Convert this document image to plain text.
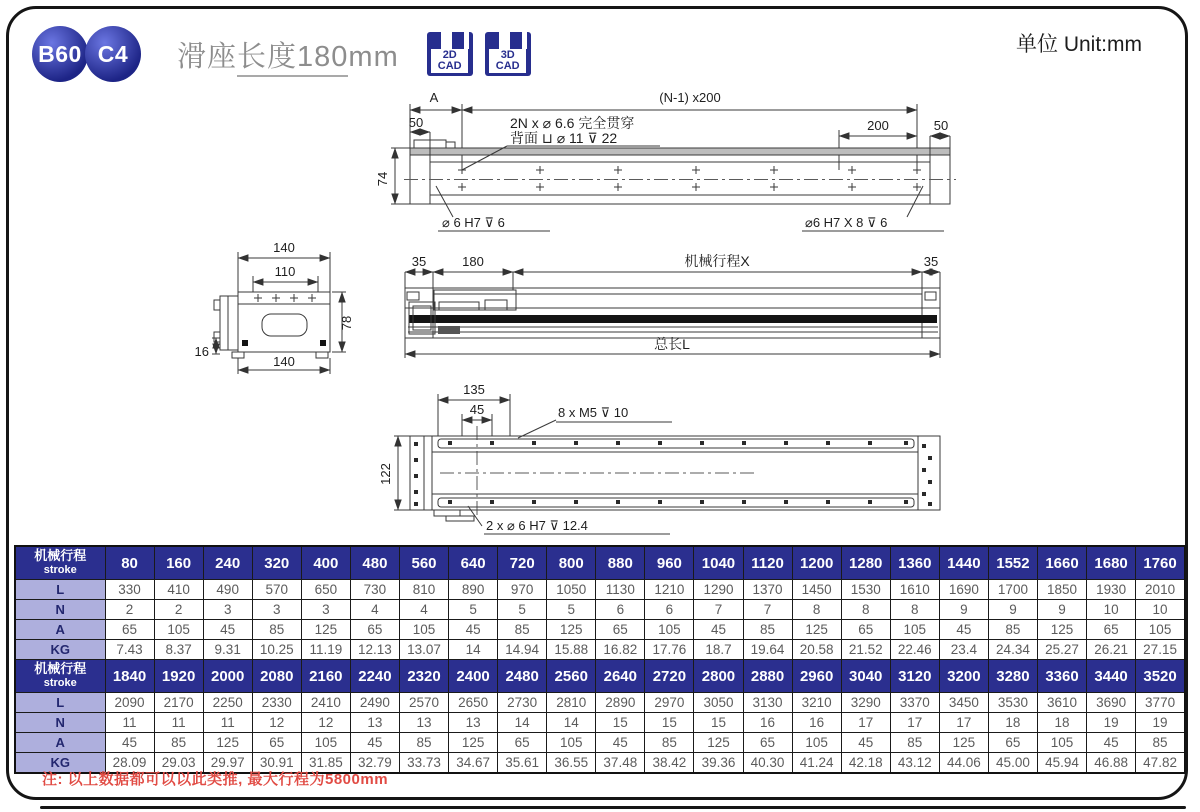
B60 C4	滑座长度180mm	2D
CAD
3D
CAD
单位 Unit:mm
A	(N-1) x200
50	200	50
74
2N x ⌀ 6.6 完全贯穿
背面 ⊔ ⌀ 11 ⊽ 22
⌀ 6 H7 ⊽ 6	⌀6 H7 X 8 ⊽ 6
140
110
78
16
140
35	180	机械行程X	35
总长L
135
45	8 x M5 ⊽ 10
122
2 x ⌀ 6 H7 ⊽ 12.4
机械行程
stroke	80	160	240	320	400	480	560	640	720	800	880	960	1040	1120	1200	1280	1360	1440	1552	1660	1680	1760
L	330	410	490	570	650	730	810	890	970	1050	1130	1210	1290	1370	1450	1530	1610	1690	1700	1850	1930	2010
N	2	2	3	3	3	4	4	5	5	5	6	6	7	7	8	8	8	9	9	9	10	10
A	65	105	45	85	125	65	105	45	85	125	65	105	45	85	125	65	105	45	85	125	65	105
KG	7.43	8.37	9.31	10.25	11.19	12.13	13.07	14	14.94	15.88	16.82	17.76	18.7	19.64	20.58	21.52	22.46	23.4	24.34	25.27	26.21	27.15

机械行程
stroke	1840	1920	2000	2080	2160	2240	2320	2400	2480	2560	2640	2720	2800	2880	2960	3040	3120	3200	3280	3360	3440	3520
L	2090	2170	2250	2330	2410	2490	2570	2650	2730	2810	2890	2970	3050	3130	3210	3290	3370	3450	3530	3610	3690	3770
N	11	11	11	12	12	13	13	13	14	14	15	15	15	16	16	17	17	17	18	18	19	19
A	45	85	125	65	105	45	85	125	65	105	45	85	125	65	105	45	85	125	65	105	45	85
KG	28.09	29.03	29.97	30.91	31.85	32.79	33.73	34.67	35.61	36.55	37.48	38.42	39.36	40.30	41.24	42.18	43.12	44.06	45.00	45.94	46.88	47.82
注: 以上数据都可以以此类推, 最大行程为5800mm
